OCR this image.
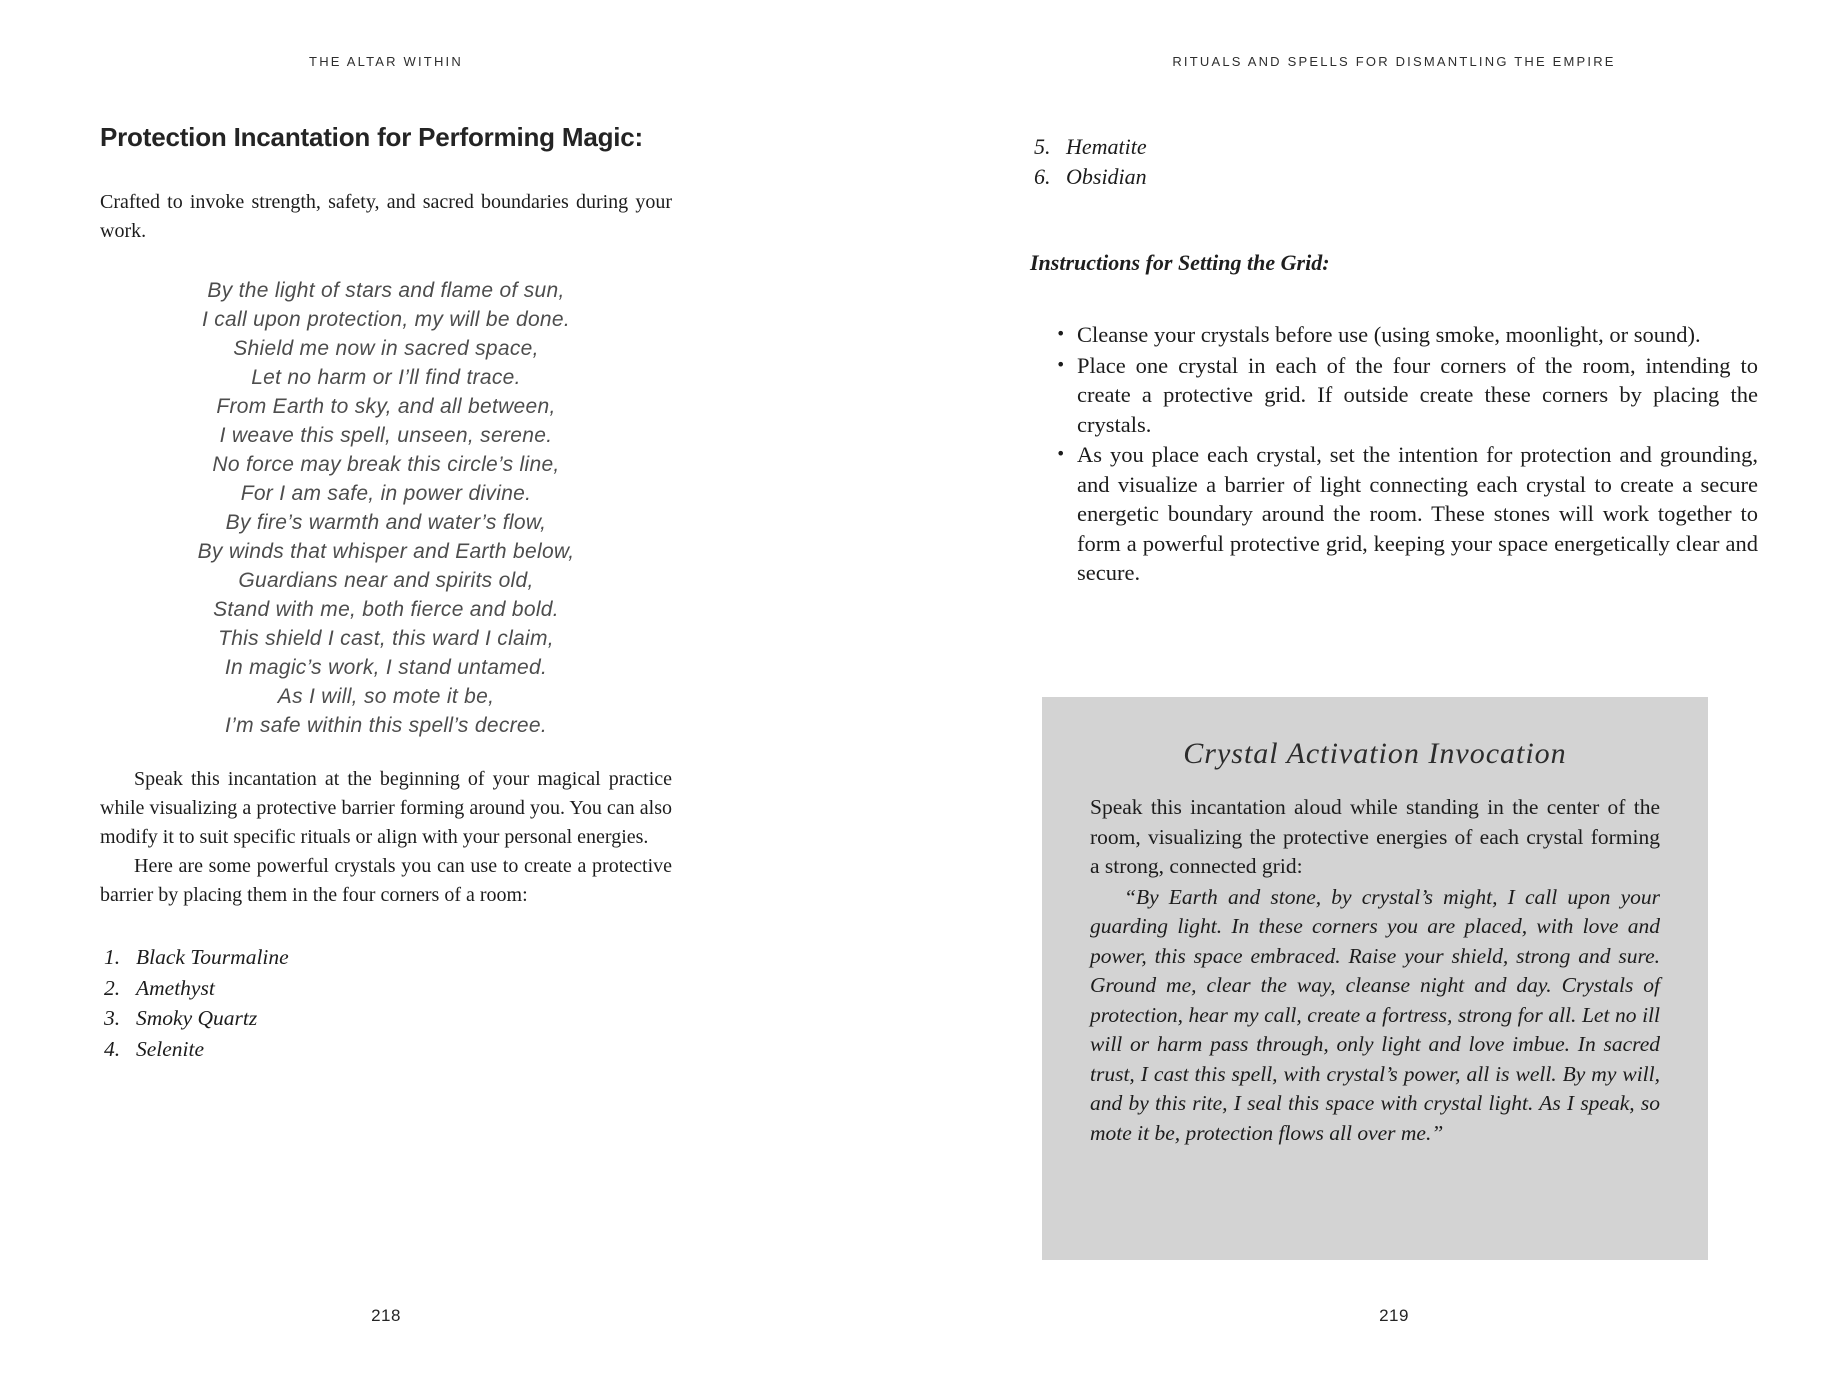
THE ALTAR WITHIN
Protection Incantation for Performing Magic:
Crafted to invoke strength, safety, and sacred boundaries during your work.
By the light of stars and flame of sun,
I call upon protection, my will be done.
Shield me now in sacred space,
Let no harm or I’ll find trace.
From Earth to sky, and all between,
I weave this spell, unseen, serene.
No force may break this circle’s line,
For I am safe, in power divine.
By fire’s warmth and water’s flow,
By winds that whisper and Earth below,
Guardians near and spirits old,
Stand with me, both fierce and bold.
This shield I cast, this ward I claim,
In magic’s work, I stand untamed.
As I will, so mote it be,
I’m safe within this spell’s decree.

Speak this incantation at the beginning of your magical practice while visualizing a protective barrier forming around you. You can also modify it to suit specific rituals or align with your personal energies.

Here are some powerful crystals you can use to create a protective barrier by placing them in the four corners of a room:

1. Black Tourmaline
2. Amethyst
3. Smoky Quartz
4. Selenite
218
RITUALS AND SPELLS FOR DISMANTLING THE EMPIRE
5. Hematite
6. Obsidian
Instructions for Setting the Grid:
• Cleanse your crystals before use (using smoke, moonlight, or sound).
• Place one crystal in each of the four corners of the room, intending to create a protective grid. If outside create these corners by placing the crystals.
• As you place each crystal, set the intention for protection and grounding, and visualize a barrier of light connecting each crystal to create a secure energetic boundary around the room. These stones will work together to form a powerful protective grid, keeping your space energetically clear and secure.
Crystal Activation Invocation
Speak this incantation aloud while standing in the center of the room, visualizing the protective energies of each crystal forming a strong, connected grid:
“By Earth and stone, by crystal’s might, I call upon your guarding light. In these corners you are placed, with love and power, this space embraced. Raise your shield, strong and sure. Ground me, clear the way, cleanse night and day. Crystals of protection, hear my call, create a fortress, strong for all. Let no ill will or harm pass through, only light and love imbue. In sacred trust, I cast this spell, with crystal’s power, all is well. By my will, and by this rite, I seal this space with crystal light. As I speak, so mote it be, protection flows all over me.”
219
